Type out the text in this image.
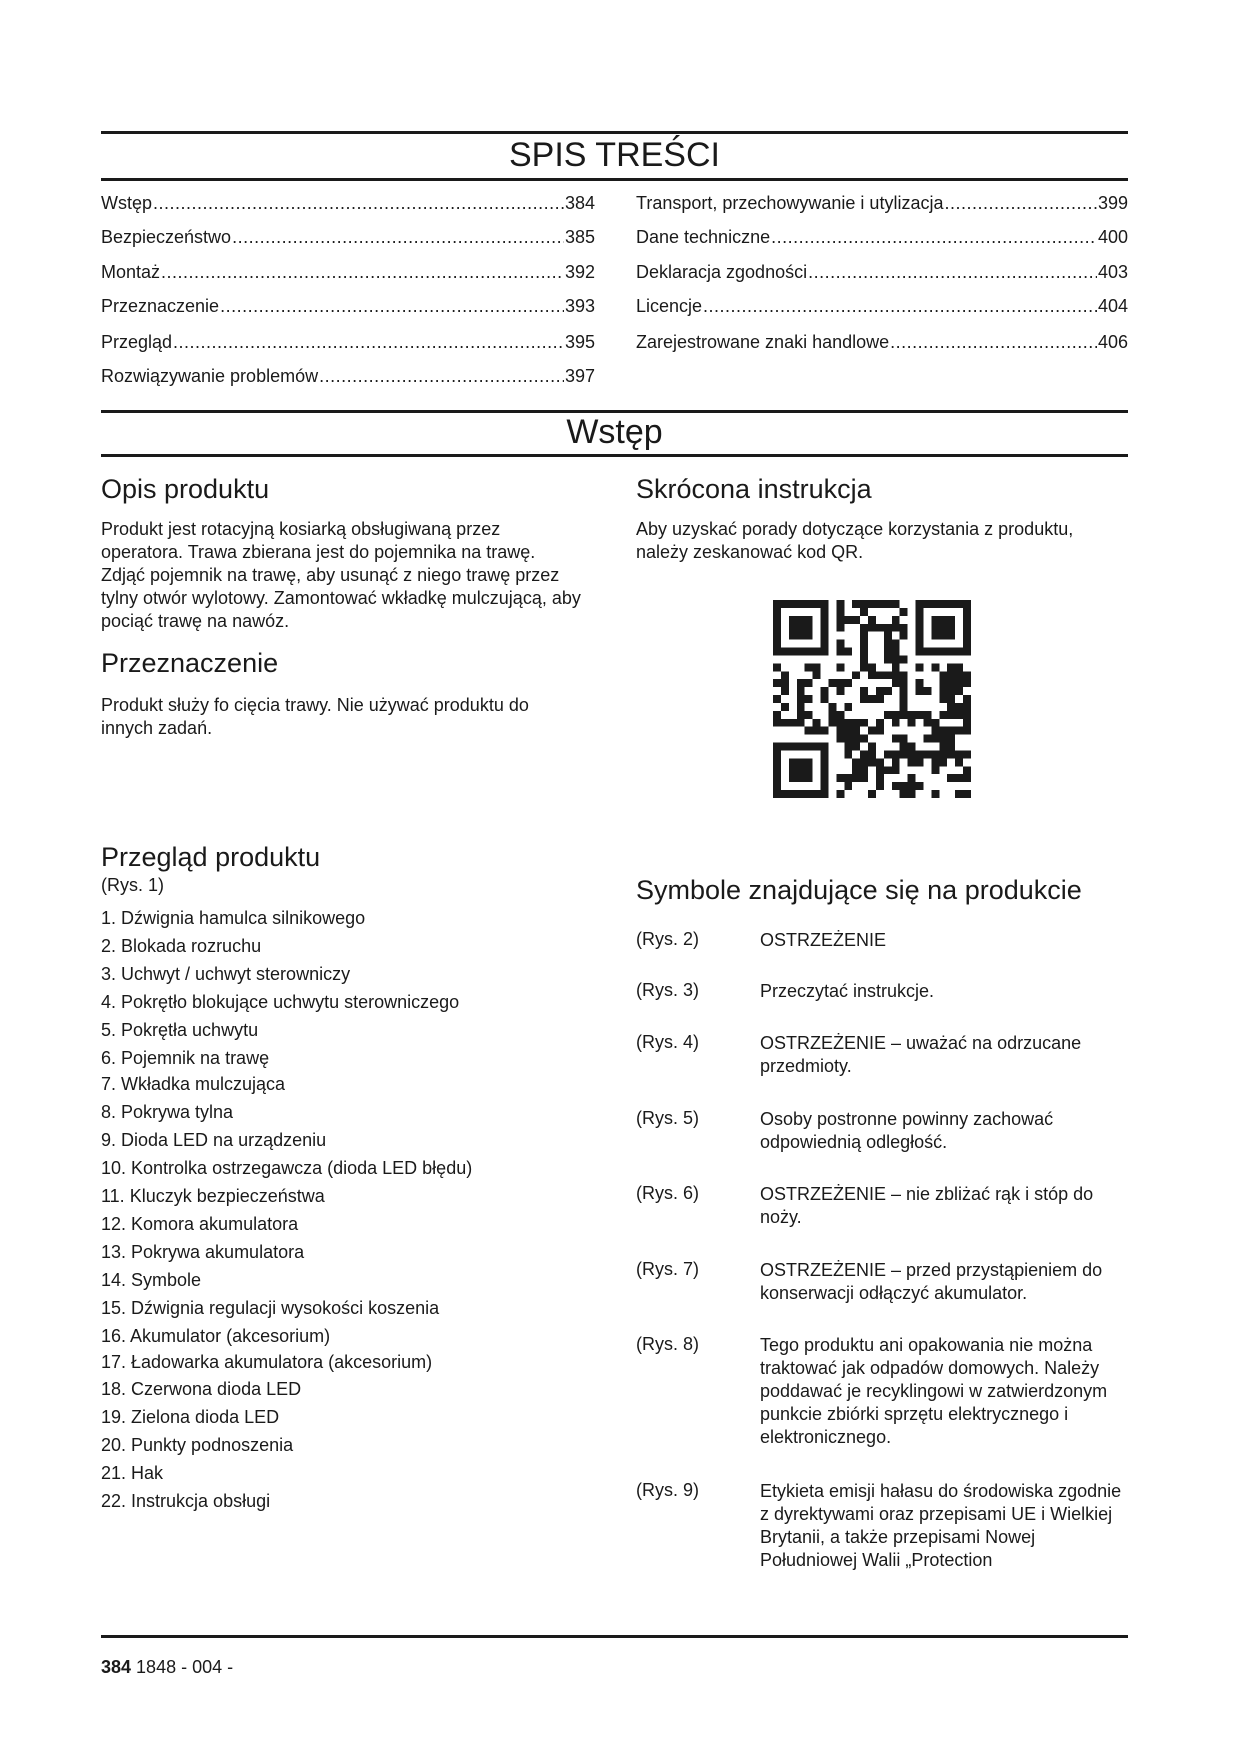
SPIS TREŚCI
Wstęp .....	384
Bezpieczeństwo .....	385
Montaż .....	392
Przeznaczenie .....	393
Przegląd .....	395
Rozwiązywanie problemów .....	397
Transport, przechowywanie i utylizacja .....	399
Dane techniczne .....	400
Deklaracja zgodności .....	403
Licencje .....	404
Zarejestrowane znaki handlowe .....	406
Wstęp
Opis produktu

Produkt jest rotacyjną kosiarką obsługiwaną przez operatora. Trawa zbierana jest do pojemnika na trawę. Zdjąć pojemnik na trawę, aby usunąć z niego trawę przez tylny otwór wylotowy. Zamontować wkładkę mulczującą, aby pociąć trawę na nawóz.

Przeznaczenie

Produkt służy fo cięcia trawy. Nie używać produktu do innych zadań.

Skrócona instrukcja

Aby uzyskać porady dotyczące korzystania z produktu, należy zeskanować kod QR.

Przegląd produktu

(Rys. 1)

1. Dźwignia hamulca silnikowego
2. Blokada rozruchu
3. Uchwyt / uchwyt sterowniczy
4. Pokrętło blokujące uchwytu sterowniczego
5. Pokrętła uchwytu
6. Pojemnik na trawę
7. Wkładka mulczująca
8. Pokrywa tylna
9. Dioda LED na urządzeniu
10. Kontrolka ostrzegawcza (dioda LED błędu)
11. Kluczyk bezpieczeństwa
12. Komora akumulatora
13. Pokrywa akumulatora
14. Symbole
15. Dźwignia regulacji wysokości koszenia
16. Akumulator (akcesorium)
17. Ładowarka akumulatora (akcesorium)
18. Czerwona dioda LED
19. Zielona dioda LED
20. Punkty podnoszenia
21. Hak
22. Instrukcja obsługi
Symbole znajdujące się na produkcie
(Rys. 2)	OSTRZEŻENIE
(Rys. 3)	Przeczytać instrukcje.
(Rys. 4)	OSTRZEŻENIE – uważać na odrzucane przedmioty.
(Rys. 5)	Osoby postronne powinny zachować odpowiednią odległość.
(Rys. 6)	OSTRZEŻENIE – nie zbliżać rąk i stóp do noży.
(Rys. 7)	OSTRZEŻENIE – przed przystąpieniem do konserwacji odłączyć akumulator.
(Rys. 8)	Tego produktu ani opakowania nie można traktować jak odpadów domowych. Należy poddawać je recyklingowi w zatwierdzonym punkcie zbiórki sprzętu elektrycznego i elektronicznego.
(Rys. 9)	Etykieta emisji hałasu do środowiska zgodnie z dyrektywami oraz przepisami UE i Wielkiej Brytanii, a także przepisami Nowej Południowej Walii „Protection
384 1848 - 004 -
